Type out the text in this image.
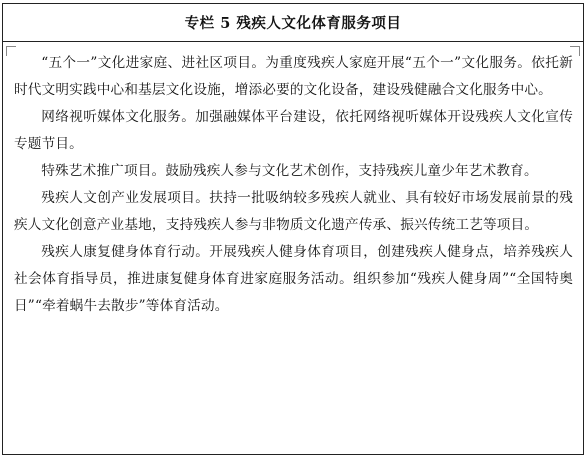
专栏 5 残疾人文化体育服务项目

“五个一”文化进家庭、进社区项目。为重度残疾人家庭开展“五个一”文化服务。依托新时代文明实践中心和基层文化设施，增添必要的文化设备，建设残健融合文化服务中心。

网络视听媒体文化服务。加强融媒体平台建设，依托网络视听媒体开设残疾人文化宣传专题节目。

特殊艺术推广项目。鼓励残疾人参与文化艺术创作，支持残疾儿童少年艺术教育。

残疾人文创产业发展项目。扶持一批吸纳较多残疾人就业、具有较好市场发展前景的残疾人文化创意产业基地，支持残疾人参与非物质文化遗产传承、振兴传统工艺等项目。

残疾人康复健身体育行动。开展残疾人健身体育项目，创建残疾人健身点，培养残疾人社会体育指导员，推进康复健身体育进家庭服务活动。组织参加“残疾人健身周”“全国特奥日”“牵着蜗牛去散步”等体育活动。
